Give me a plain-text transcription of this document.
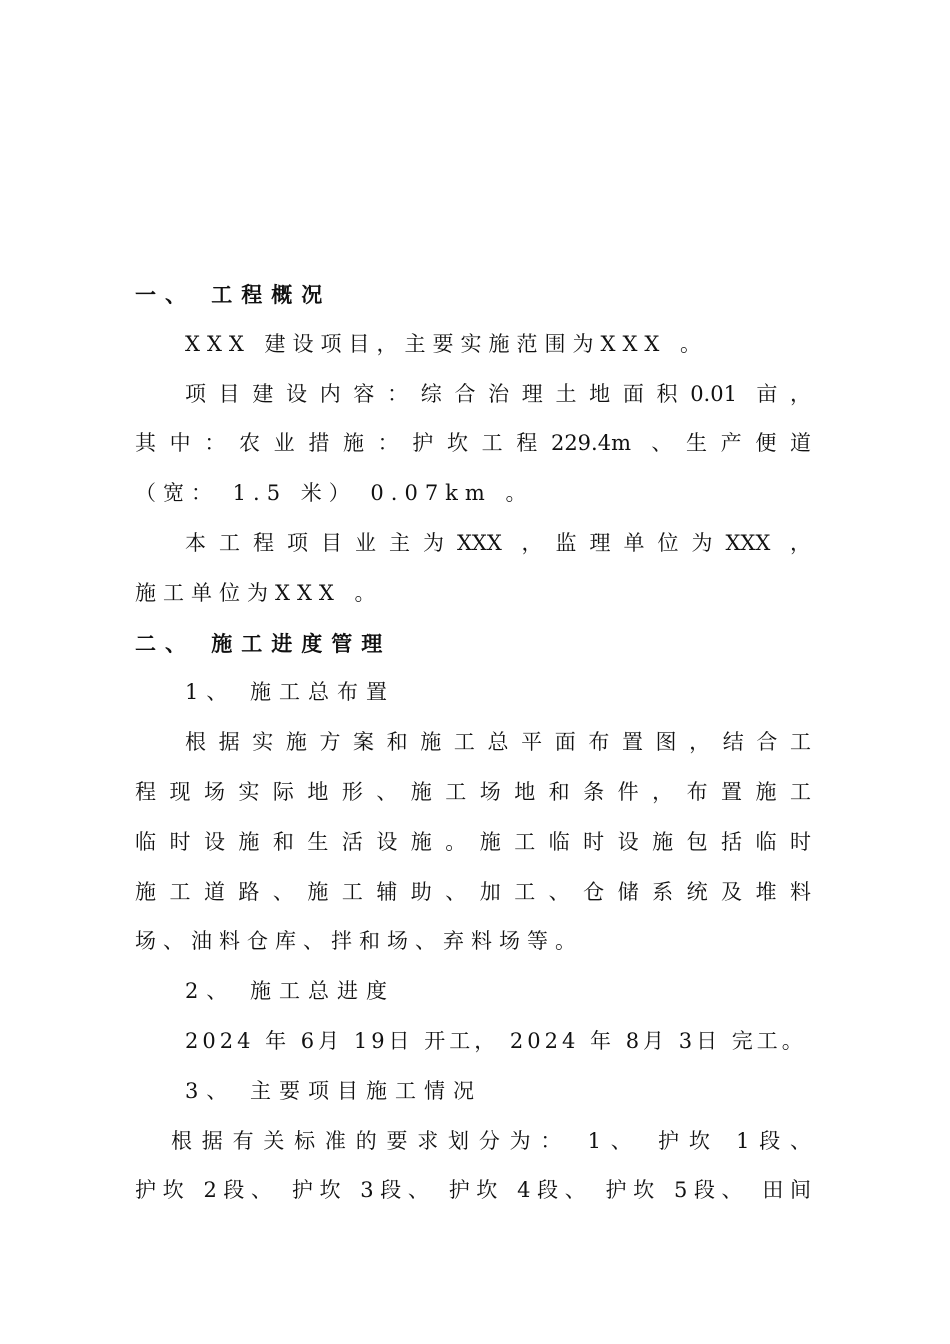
一、 工程概况
XXX 建设项目，主要实施范围为XXX 。
项目建设内容：综合治理土地面积0.01 亩，
其中：农业措施：护坎工程229.4m 、生产便道
（宽： 1.5 米） 0.07km 。
本工程项目业主为XXX ，监理单位为XXX ，
施工单位为XXX 。
二、 施工进度管理
1、 施工总布置
根据实施方案和施工总平面布置图，结合工
程现场实际地形、施工场地和条件，布置施工
临时设施和生活设施。施工临时设施包括临时
施工道路、施工辅助、加工、仓储系统及堆料
场、油料仓库、拌和场、弃料场等。
2、 施工总进度
2024 年 6月 19日 开工， 2024 年 8月 3日 完工。
3、 主要项目施工情况
根据有关标准的要求划分为： 1、 护坎 1段、
护坎 2段、 护坎 3段、 护坎 4段、 护坎 5段、 田间
